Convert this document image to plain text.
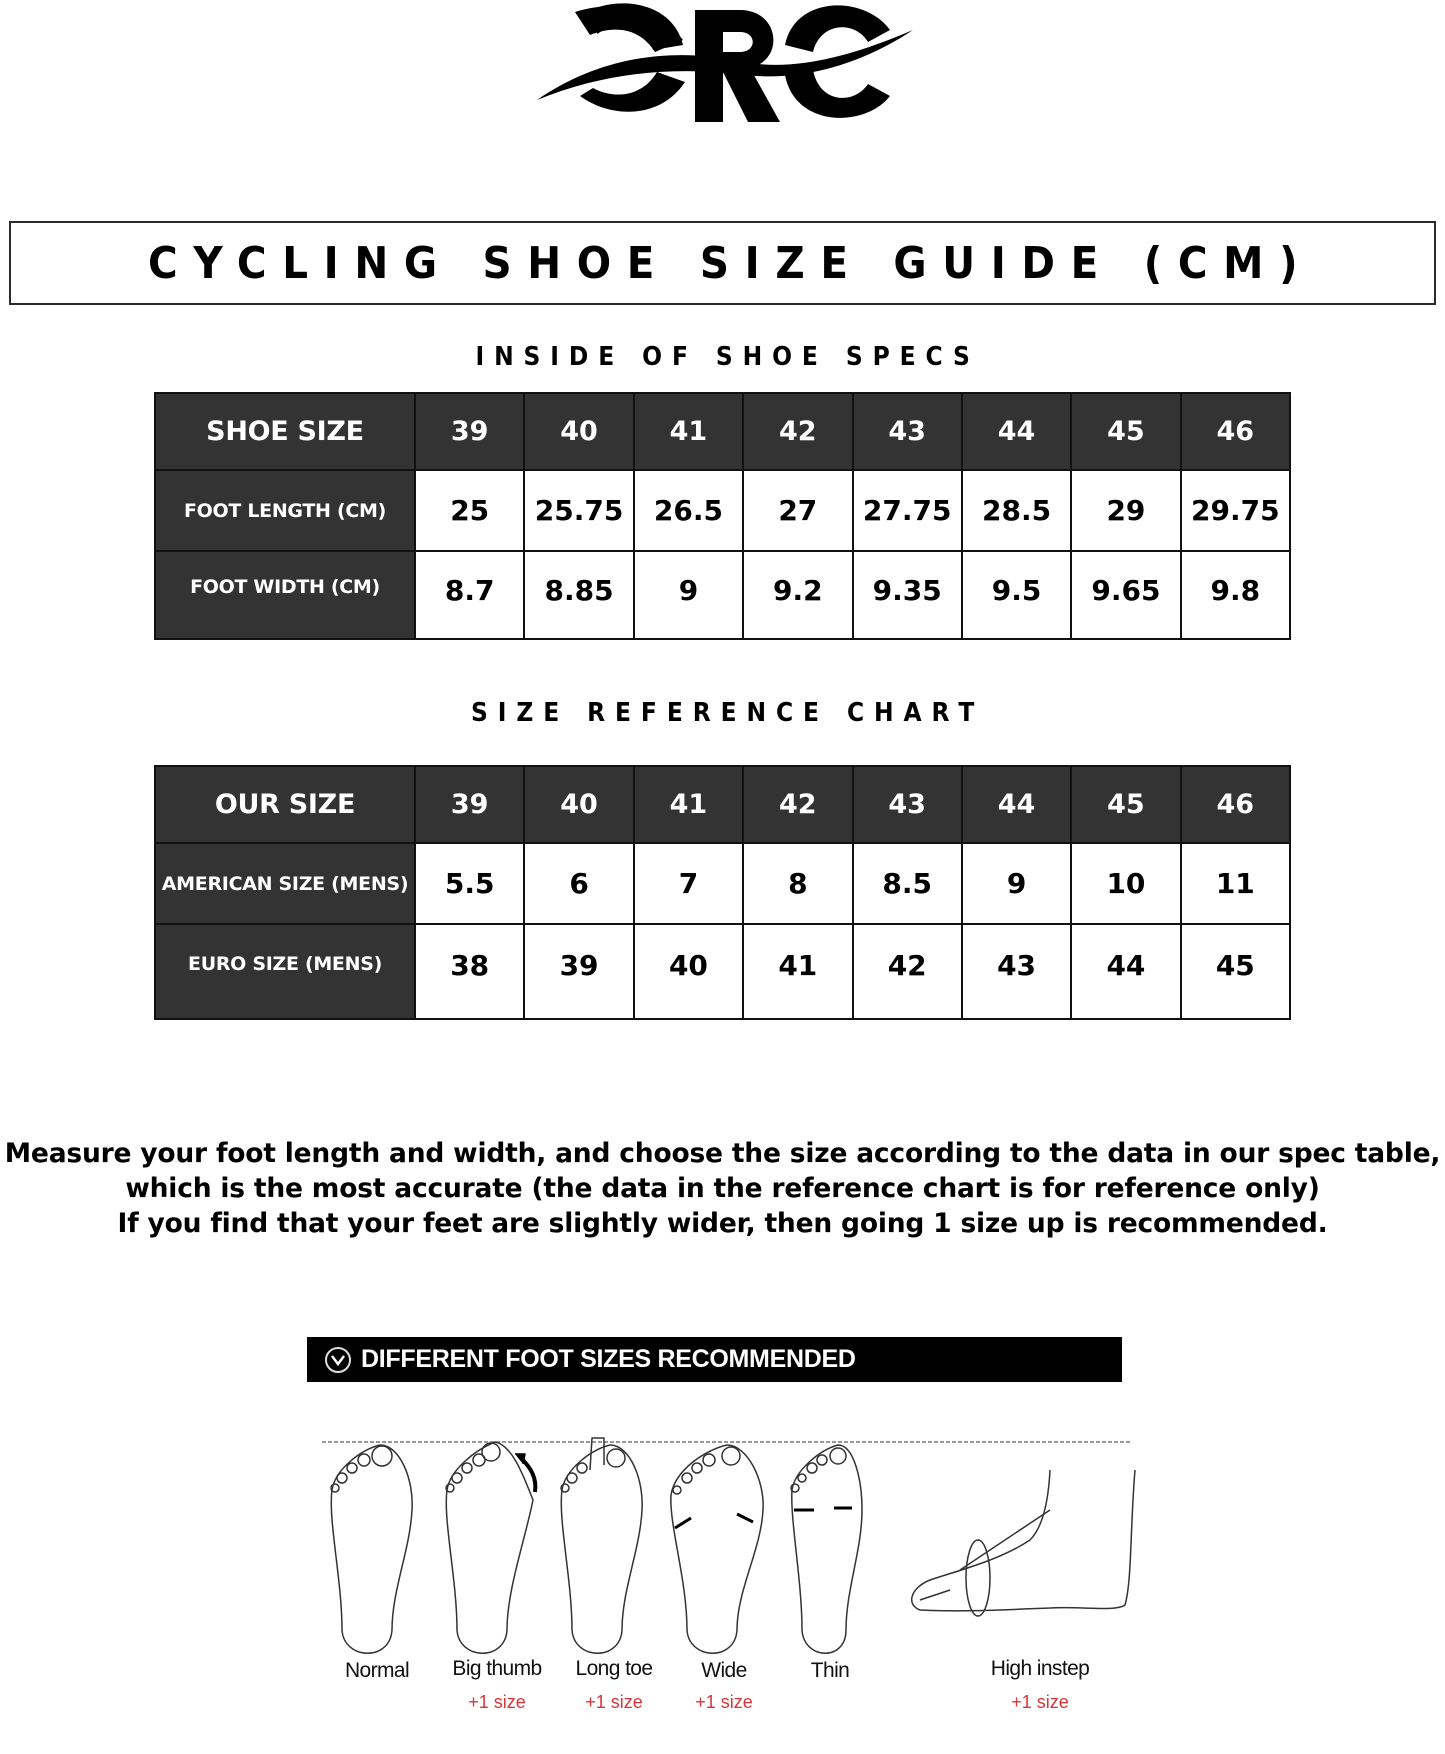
CYCLING SHOE SIZE GUIDE (CM)
INSIDE OF SHOE SPECS
SHOE SIZE	39	40	41	42	43	44	45	46
FOOT LENGTH (CM)	25	25.75	26.5	27	27.75	28.5	29	29.75
FOOT WIDTH (CM)	8.7	8.85	9	9.2	9.35	9.5	9.65	9.8
SIZE REFERENCE CHART
OUR SIZE	39	40	41	42	43	44	45	46
AMERICAN SIZE (MENS)	5.5	6	7	8	8.5	9	10	11
EURO SIZE (MENS)	38	39	40	41	42	43	44	45
Measure your foot length and width, and choose the size according to the data in our spec table,
which is the most accurate (the data in the reference chart is for reference only)
If you find that your feet are slightly wider, then going 1 size up is recommended.
DIFFERENT FOOT SIZES RECOMMENDED
Normal	Big thumb	Long toe	Wide	Thin	High instep
+1 size	+1 size	+1 size	+1 size
